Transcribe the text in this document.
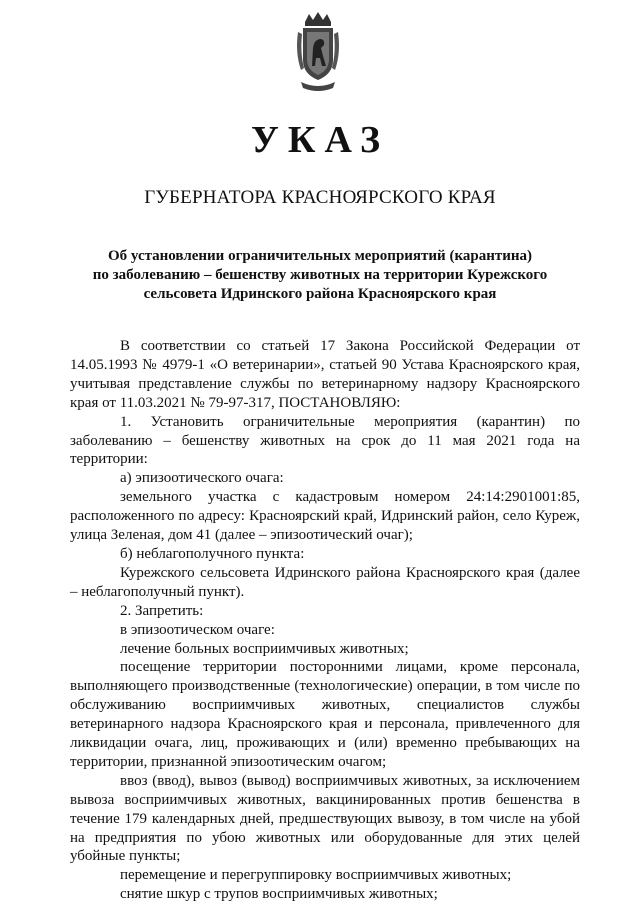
УКАЗ
ГУБЕРНАТОРА КРАСНОЯРСКОГО КРАЯ
Об установлении ограничительных мероприятий (карантина)
по заболеванию – бешенству животных на территории Курежского
сельсовета Идринского района Красноярского края

В соответствии со статьей 17 Закона Российской Федерации от 14.05.1993 № 4979-1 «О ветеринарии», статьей 90 Устава Красноярского края, учитывая представление службы по ветеринарному надзору Красноярского края от 11.03.2021 № 79-97-317, ПОСТАНОВЛЯЮ:

1. Установить ограничительные мероприятия (карантин) по заболеванию – бешенству животных на срок до 11 мая 2021 года на территории:

а) эпизоотического очага:

земельного участка с кадастровым номером 24:14:2901001:85, расположенного по адресу: Красноярский край, Идринский район, село Куреж, улица Зеленая, дом 41 (далее – эпизоотический очаг);

б) неблагополучного пункта:

Курежского сельсовета Идринского района Красноярского края (далее – неблагополучный пункт).

2. Запретить:

в эпизоотическом очаге:

лечение больных восприимчивых животных;

посещение территории посторонними лицами, кроме персонала, выполняющего производственные (технологические) операции, в том числе по обслуживанию восприимчивых животных, специалистов службы ветеринарного надзора Красноярского края и персонала, привлеченного для ликвидации очага, лиц, проживающих и (или) временно пребывающих на территории, признанной эпизоотическим очагом;

ввоз (ввод), вывоз (вывод) восприимчивых животных, за исключением вывоза восприимчивых животных, вакцинированных против бешенства в течение 179 календарных дней, предшествующих вывозу, в том числе на убой на предприятия по убою животных или оборудованные для этих целей убойные пункты;

перемещение и перегруппировку восприимчивых животных;

снятие шкур с трупов восприимчивых животных;
